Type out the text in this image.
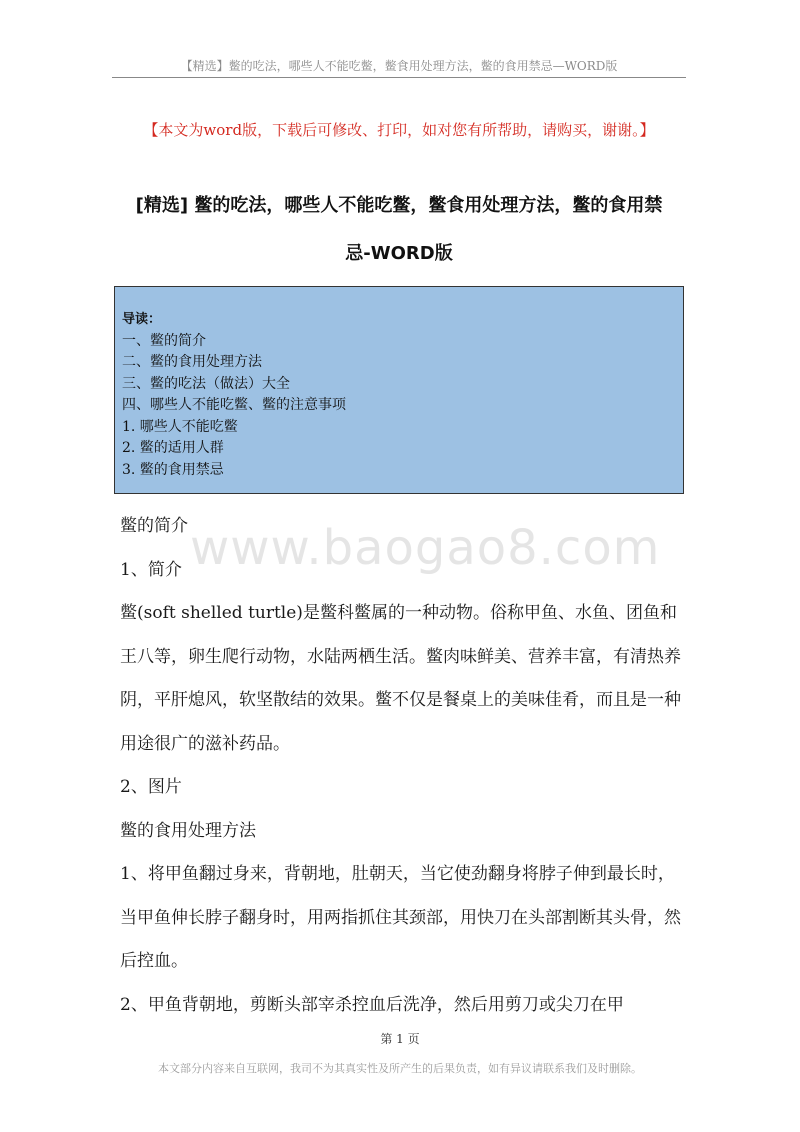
【精选】鳖的吃法，哪些人不能吃鳖，鳖食用处理方法，鳖的食用禁忌—WORD版
【本文为word版，下载后可修改、打印，如对您有所帮助，请购买，谢谢。】
[精选] 鳖的吃法，哪些人不能吃鳖，鳖食用处理方法，鳖的食用禁
忌-WORD版
导读：
一、鳖的简介
二、鳖的食用处理方法
三、鳖的吃法（做法）大全
四、哪些人不能吃鳖、鳖的注意事项
1. 哪些人不能吃鳖
2. 鳖的适用人群
3. 鳖的食用禁忌
www.baogao8.com

鳖的简介

1、简介

鳖(soft shelled turtle)是鳖科鳖属的一种动物。俗称甲鱼、水鱼、团鱼和王八等，卵生爬行动物，水陆两栖生活。鳖肉味鲜美、营养丰富，有清热养阴，平肝熄风，软坚散结的效果。鳖不仅是餐桌上的美味佳肴，而且是一种用途很广的滋补药品。

2、图片

鳖的食用处理方法

1、将甲鱼翻过身来，背朝地，肚朝天，当它使劲翻身将脖子伸到最长时，当甲鱼伸长脖子翻身时，用两指抓住其颈部，用快刀在头部割断其头骨，然后控血。

2、甲鱼背朝地，剪断头部宰杀控血后洗净，然后用剪刀或尖刀在甲

第 1 页
本文部分内容来自互联网，我司不为其真实性及所产生的后果负责，如有异议请联系我们及时删除。
